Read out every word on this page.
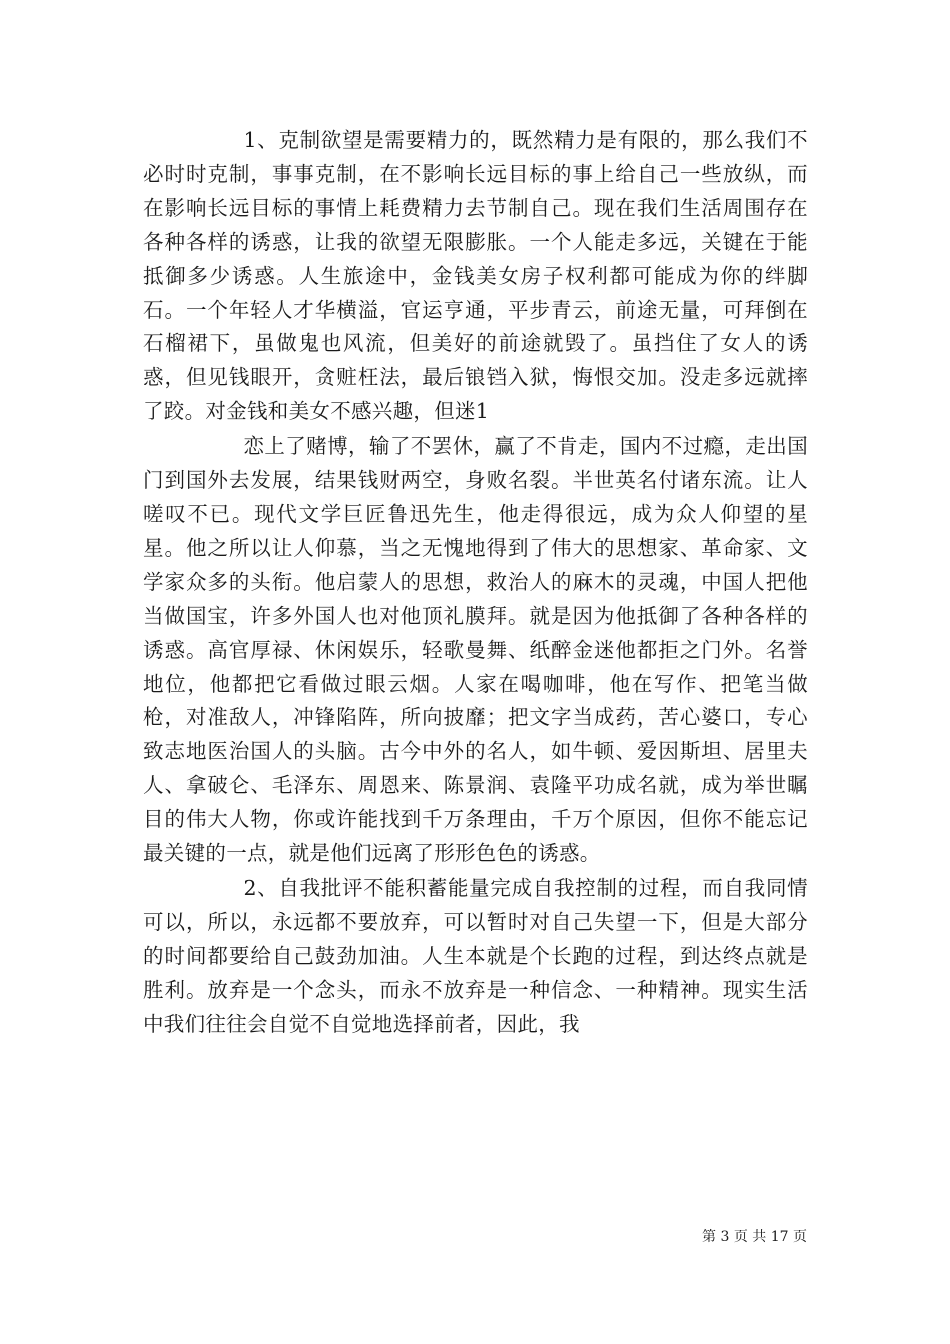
1、克制欲望是需要精力的，既然精力是有限的，那么我们不必时时克制，事事克制，在不影响长远目标的事上给自己一些放纵，而在影响长远目标的事情上耗费精力去节制自己。现在我们生活周围存在各种各样的诱惑，让我的欲望无限膨胀。一个人能走多远，关键在于能抵御多少诱惑。人生旅途中，金钱美女房子权利都可能成为你的绊脚石。一个年轻人才华横溢，官运亨通，平步青云，前途无量，可拜倒在石榴裙下，虽做鬼也风流，但美好的前途就毁了。虽挡住了女人的诱惑，但见钱眼开，贪赃枉法，最后锒铛入狱，悔恨交加。没走多远就摔了跤。对金钱和美女不感兴趣，但迷1

恋上了赌博，输了不罢休，赢了不肯走，国内不过瘾，走出国门到国外去发展，结果钱财两空，身败名裂。半世英名付诸东流。让人嗟叹不已。现代文学巨匠鲁迅先生，他走得很远，成为众人仰望的星星。他之所以让人仰慕，当之无愧地得到了伟大的思想家、革命家、文学家众多的头衔。他启蒙人的思想，救治人的麻木的灵魂，中国人把他当做国宝，许多外国人也对他顶礼膜拜。就是因为他抵御了各种各样的诱惑。高官厚禄、休闲娱乐，轻歌曼舞、纸醉金迷他都拒之门外。名誉地位，他都把它看做过眼云烟。人家在喝咖啡，他在写作、把笔当做枪，对准敌人，冲锋陷阵，所向披靡；把文字当成药，苦心婆口，专心致志地医治国人的头脑。古今中外的名人，如牛顿、爱因斯坦、居里夫人、拿破仑、毛泽东、周恩来、陈景润、袁隆平功成名就，成为举世瞩目的伟大人物，你或许能找到千万条理由，千万个原因，但你不能忘记最关键的一点，就是他们远离了形形色色的诱惑。

2、自我批评不能积蓄能量完成自我控制的过程，而自我同情可以，所以，永远都不要放弃，可以暂时对自己失望一下，但是大部分的时间都要给自己鼓劲加油。人生本就是个长跑的过程，到达终点就是胜利。放弃是一个念头，而永不放弃是一种信念、一种精神。现实生活中我们往往会自觉不自觉地选择前者，因此，我

第 3 页 共 17 页
